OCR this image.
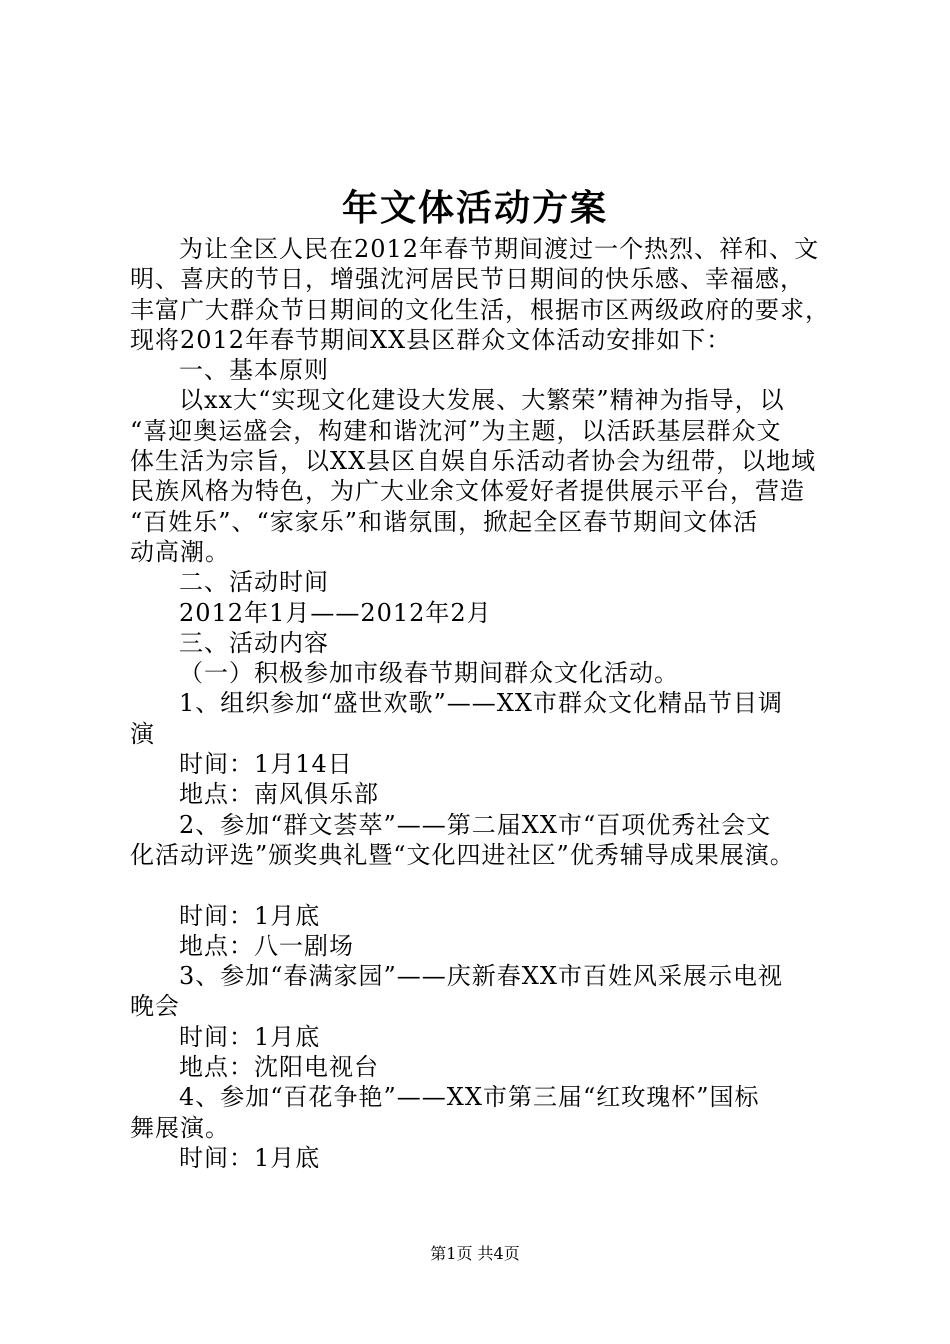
年文体活动方案
为让全区人民在2012年春节期间渡过一个热烈、祥和、文
明、喜庆的节日，增强沈河居民节日期间的快乐感、幸福感，
丰富广大群众节日期间的文化生活，根据市区两级政府的要求，
现将2012年春节期间XX县区群众文体活动安排如下：
一、基本原则
以xx大“实现文化建设大发展、大繁荣”精神为指导，以
“喜迎奥运盛会，构建和谐沈河”为主题，以活跃基层群众文
体生活为宗旨，以XX县区自娱自乐活动者协会为纽带，以地域
民族风格为特色，为广大业余文体爱好者提供展示平台，营造
“百姓乐”、“家家乐”和谐氛围，掀起全区春节期间文体活
动高潮。
二、活动时间
2012年1月——2012年2月
三、活动内容
（一）积极参加市级春节期间群众文化活动。
1、组织参加“盛世欢歌”——XX市群众文化精品节目调
演
时间：1月14日
地点：南风俱乐部
2、参加“群文荟萃”——第二届XX市“百项优秀社会文
化活动评选”颁奖典礼暨“文化四进社区”优秀辅导成果展演。
时间：1月底
地点：八一剧场
3、参加“春满家园”——庆新春XX市百姓风采展示电视
晚会
时间：1月底
地点：沈阳电视台
4、参加“百花争艳”——XX市第三届“红玫瑰杯”国标
舞展演。
时间：1月底
第1页 共4页
